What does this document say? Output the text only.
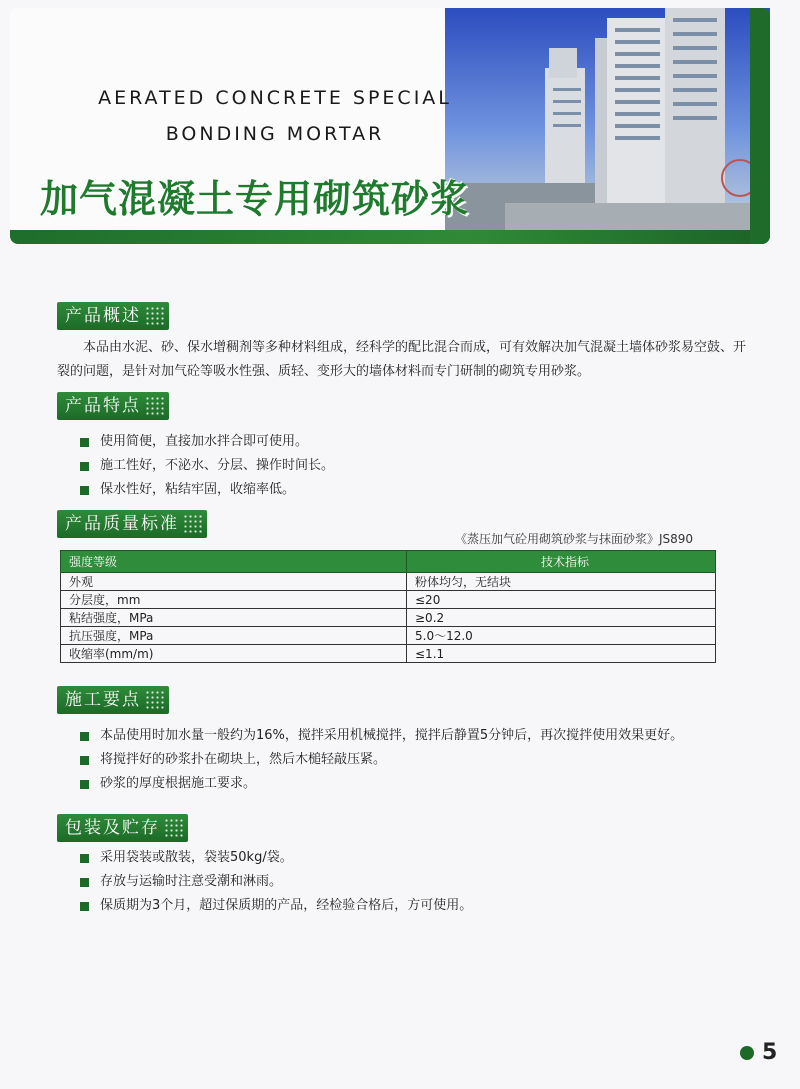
AERATED CONCRETE SPECIAL
BONDING MORTAR
加气混凝土专用砌筑砂浆
产品概述

本品由水泥、砂、保水增稠剂等多种材料组成，经科学的配比混合而成，可有效解决加气混凝土墙体砂浆易空鼓、开裂的问题，是针对加气砼等吸水性强、质轻、变形大的墙体材料而专门研制的砌筑专用砂浆。

产品特点
使用简便，直接加水拌合即可使用。
施工性好，不泌水、分层、操作时间长。
保水性好，粘结牢固，收缩率低。
产品质量标准
《蒸压加气砼用砌筑砂浆与抹面砂浆》JS890
强度等级	技术指标
外观	粉体均匀，无结块
分层度，mm	≤20
粘结强度，MPa	≥0.2
抗压强度，MPa	5.0～12.0
收缩率(mm/m)	≤1.1
施工要点
本品使用时加水量一般约为16%，搅拌采用机械搅拌，搅拌后静置5分钟后，再次搅拌使用效果更好。
将搅拌好的砂浆扑在砌块上，然后木槌轻敲压紧。
砂浆的厚度根据施工要求。
包装及贮存
采用袋装或散装，袋装50kg/袋。
存放与运输时注意受潮和淋雨。
保质期为3个月，超过保质期的产品，经检验合格后，方可使用。
5
